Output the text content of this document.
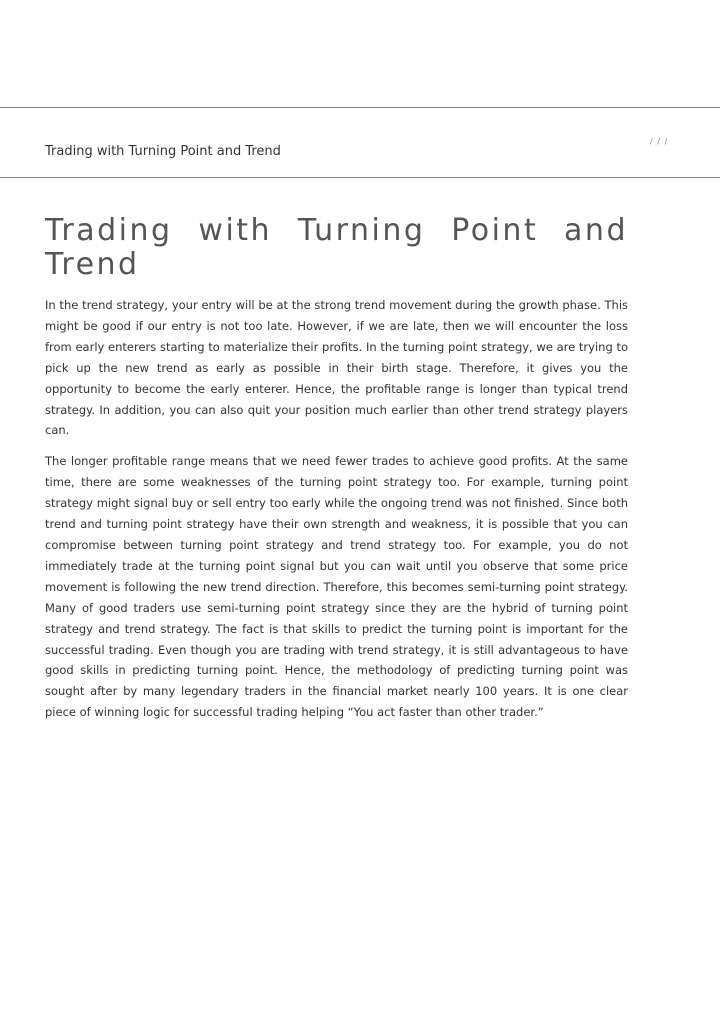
/ / /
Trading with Turning Point and Trend
Trading with Turning Point and
Trend

In the trend strategy, your entry will be at the strong trend movement during the growth phase. This might be good if our entry is not too late. However, if we are late, then we will encounter the loss from early enterers starting to materialize their profits. In the turning point strategy, we are trying to pick up the new trend as early as possible in their birth stage. Therefore, it gives you the opportunity to become the early enterer. Hence, the profitable range is longer than typical trend strategy. In addition, you can also quit your position much earlier than other trend strategy players can.

The longer profitable range means that we need fewer trades to achieve good profits. At the same time, there are some weaknesses of the turning point strategy too. For example, turning point strategy might signal buy or sell entry too early while the ongoing trend was not finished. Since both trend and turning point strategy have their own strength and weakness, it is possible that you can compromise between turning point strategy and trend strategy too. For example, you do not immediately trade at the turning point signal but you can wait until you observe that some price movement is following the new trend direction. Therefore, this becomes semi-turning point strategy. Many of good traders use semi-turning point strategy since they are the hybrid of turning point strategy and trend strategy. The fact is that skills to predict the turning point is important for the successful trading. Even though you are trading with trend strategy, it is still advantageous to have good skills in predicting turning point. Hence, the methodology of predicting turning point was sought after by many legendary traders in the financial market nearly 100 years. It is one clear piece of winning logic for successful trading helping “You act faster than other trader.”
